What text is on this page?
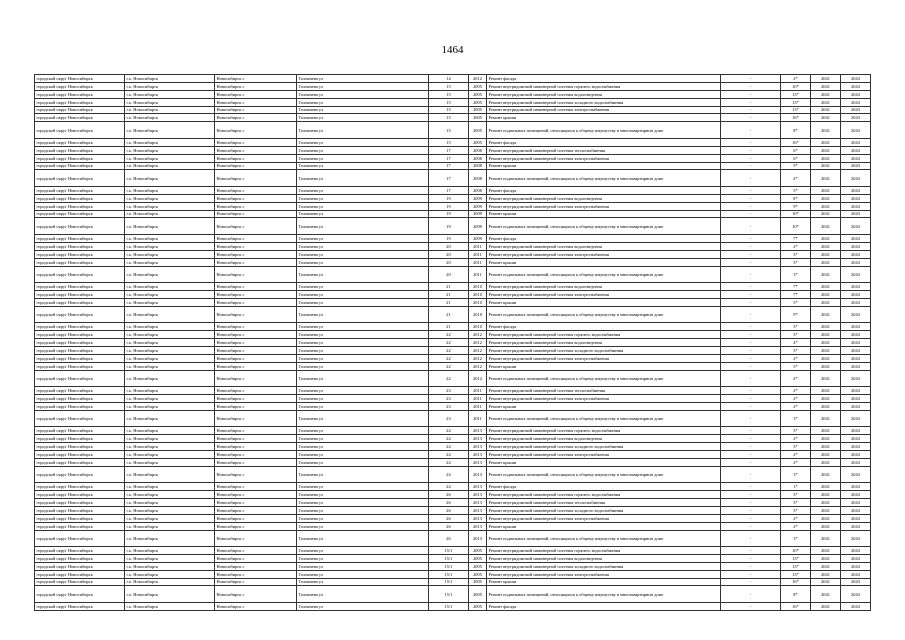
1464
городской округ Новосибирск	г.о. Новосибирск	Новосибирск г	Толмачева ул	14	2012	Ремонт фасада	-	2*	2041	2043
городской округ Новосибирск	г.о. Новосибирск	Новосибирск г	Толмачева ул	15	2005	Ремонт внутридомовой инженерной системы горячего водоснабжения	-	10*	2041	2043
городской округ Новосибирск	г.о. Новосибирск	Новосибирск г	Толмачева ул	15	2005	Ремонт внутридомовой инженерной системы водоотведения	-	13*	2041	2043
городской округ Новосибирск	г.о. Новосибирск	Новосибирск г	Толмачева ул	15	2005	Ремонт внутридомовой инженерной системы холодного водоснабжения	-	13*	2041	2043
городской округ Новосибирск	г.о. Новосибирск	Новосибирск г	Толмачева ул	15	2005	Ремонт внутридомовой инженерной системы электроснабжения	-	13*	2041	2043
городской округ Новосибирск	г.о. Новосибирск	Новосибирск г	Толмачева ул	15	2005	Ремонт крыши	-	16*	2041	2043
городской округ Новосибирск	г.о. Новосибирск	Новосибирск г	Толмачева ул	15	2005	Ремонт подвальных помещений, относящихся к общему имуществу в многоквартирном доме	-	8*	2041	2043
городской округ Новосибирск	г.о. Новосибирск	Новосибирск г	Толмачева ул	15	2005	Ремонт фасада	-	16*	2041	2043
городской округ Новосибирск	г.о. Новосибирск	Новосибирск г	Толмачева ул	17	2008	Ремонт внутридомовой инженерной системы теплоснабжения	-	6*	2041	2043
городской округ Новосибирск	г.о. Новосибирск	Новосибирск г	Толмачева ул	17	2008	Ремонт внутридомовой инженерной системы электроснабжения	-	6*	2041	2043
городской округ Новосибирск	г.о. Новосибирск	Новосибирск г	Толмачева ул	17	2008	Ремонт крыши	-	5*	2041	2043
городской округ Новосибирск	г.о. Новосибирск	Новосибирск г	Толмачева ул	17	2008	Ремонт подвальных помещений, относящихся к общему имуществу в многоквартирном доме	-	2*	2041	2043
городской округ Новосибирск	г.о. Новосибирск	Новосибирск г	Толмачева ул	17	2008	Ремонт фасада	-	5*	2041	2043
городской округ Новосибирск	г.о. Новосибирск	Новосибирск г	Толмачева ул	19	2009	Ремонт внутридомовой инженерной системы водоотведения	-	8*	2041	2043
городской округ Новосибирск	г.о. Новосибирск	Новосибирск г	Толмачева ул	19	2009	Ремонт внутридомовой инженерной системы электроснабжения	-	9*	2041	2043
городской округ Новосибирск	г.о. Новосибирск	Новосибирск г	Толмачева ул	19	2009	Ремонт крыши	-	10*	2041	2043
городской округ Новосибирск	г.о. Новосибирск	Новосибирск г	Толмачева ул	19	2009	Ремонт подвальных помещений, относящихся к общему имуществу в многоквартирном доме	-	10*	2041	2043
городской округ Новосибирск	г.о. Новосибирск	Новосибирск г	Толмачева ул	19	2009	Ремонт фасада	-	7*	2041	2043
городской округ Новосибирск	г.о. Новосибирск	Новосибирск г	Толмачева ул	20	2011	Ремонт внутридомовой инженерной системы водоотведения	-	2*	2041	2043
городской округ Новосибирск	г.о. Новосибирск	Новосибирск г	Толмачева ул	20	2011	Ремонт внутридомовой инженерной системы электроснабжения	-	3*	2041	2043
городской округ Новосибирск	г.о. Новосибирск	Новосибирск г	Толмачева ул	20	2011	Ремонт крыши	-	3*	2041	2043
городской округ Новосибирск	г.о. Новосибирск	Новосибирск г	Толмачева ул	20	2011	Ремонт подвальных помещений, относящихся к общему имуществу в многоквартирном доме	-	3*	2041	2043
городской округ Новосибирск	г.о. Новосибирск	Новосибирск г	Толмачева ул	21	2010	Ремонт внутридомовой инженерной системы водоотведения	-	7*	2041	2043
городской округ Новосибирск	г.о. Новосибирск	Новосибирск г	Толмачева ул	21	2010	Ремонт внутридомовой инженерной системы электроснабжения	-	7*	2041	2043
городской округ Новосибирск	г.о. Новосибирск	Новосибирск г	Толмачева ул	21	2010	Ремонт крыши	-	5*	2041	2043
городской округ Новосибирск	г.о. Новосибирск	Новосибирск г	Толмачева ул	21	2010	Ремонт подвальных помещений, относящихся к общему имуществу в многоквартирном доме	-	9*	2041	2043
городской округ Новосибирск	г.о. Новосибирск	Новосибирск г	Толмачева ул	21	2010	Ремонт фасада	-	3*	2041	2043
городской округ Новосибирск	г.о. Новосибирск	Новосибирск г	Толмачева ул	22	2012	Ремонт внутридомовой инженерной системы горячего водоснабжения	-	3*	2041	2043
городской округ Новосибирск	г.о. Новосибирск	Новосибирск г	Толмачева ул	22	2012	Ремонт внутридомовой инженерной системы водоотведения	-	4*	2041	2043
городской округ Новосибирск	г.о. Новосибирск	Новосибирск г	Толмачева ул	22	2012	Ремонт внутридомовой инженерной системы холодного водоснабжения	-	3*	2041	2043
городской округ Новосибирск	г.о. Новосибирск	Новосибирск г	Толмачева ул	22	2012	Ремонт внутридомовой инженерной системы электроснабжения	-	2*	2041	2043
городской округ Новосибирск	г.о. Новосибирск	Новосибирск г	Толмачева ул	22	2012	Ремонт крыши	-	5*	2041	2043
городской округ Новосибирск	г.о. Новосибирск	Новосибирск г	Толмачева ул	22	2012	Ремонт подвальных помещений, относящихся к общему имуществу в многоквартирном доме	-	2*	2041	2043
городской округ Новосибирск	г.о. Новосибирск	Новосибирск г	Толмачева ул	23	2011	Ремонт внутридомовой инженерной системы теплоснабжения	-	2*	2041	2043
городской округ Новосибирск	г.о. Новосибирск	Новосибирск г	Толмачева ул	23	2011	Ремонт внутридомовой инженерной системы электроснабжения	-	2*	2041	2043
городской округ Новосибирск	г.о. Новосибирск	Новосибирск г	Толмачева ул	23	2011	Ремонт крыши	-	2*	2041	2043
городской округ Новосибирск	г.о. Новосибирск	Новосибирск г	Толмачева ул	23	2011	Ремонт подвальных помещений, относящихся к общему имуществу в многоквартирном доме	-	3*	2041	2043
городской округ Новосибирск	г.о. Новосибирск	Новосибирск г	Толмачева ул	24	2013	Ремонт внутридомовой инженерной системы горячего водоснабжения	-	3*	2041	2043
городской округ Новосибирск	г.о. Новосибирск	Новосибирск г	Толмачева ул	24	2013	Ремонт внутридомовой инженерной системы водоотведения	-	2*	2041	2043
городской округ Новосибирск	г.о. Новосибирск	Новосибирск г	Толмачева ул	24	2013	Ремонт внутридомовой инженерной системы холодного водоснабжения	-	3*	2041	2043
городской округ Новосибирск	г.о. Новосибирск	Новосибирск г	Толмачева ул	24	2013	Ремонт внутридомовой инженерной системы электроснабжения	-	2*	2041	2043
городской округ Новосибирск	г.о. Новосибирск	Новосибирск г	Толмачева ул	24	2013	Ремонт крыши	-	2*	2041	2043
городской округ Новосибирск	г.о. Новосибирск	Новосибирск г	Толмачева ул	24	2013	Ремонт подвальных помещений, относящихся к общему имуществу в многоквартирном доме	-	3*	2041	2043
городской округ Новосибирск	г.о. Новосибирск	Новосибирск г	Толмачева ул	24	2013	Ремонт фасада	-	1*	2041	2043
городской округ Новосибирск	г.о. Новосибирск	Новосибирск г	Толмачева ул	26	2013	Ремонт внутридомовой инженерной системы горячего водоснабжения	-	3*	2041	2043
городской округ Новосибирск	г.о. Новосибирск	Новосибирск г	Толмачева ул	26	2013	Ремонт внутридомовой инженерной системы теплоснабжения	-	3*	2041	2043
городской округ Новосибирск	г.о. Новосибирск	Новосибирск г	Толмачева ул	26	2013	Ремонт внутридомовой инженерной системы холодного водоснабжения	-	3*	2041	2043
городской округ Новосибирск	г.о. Новосибирск	Новосибирск г	Толмачева ул	26	2013	Ремонт внутридомовой инженерной системы электроснабжения	-	2*	2041	2043
городской округ Новосибирск	г.о. Новосибирск	Новосибирск г	Толмачева ул	26	2013	Ремонт крыши	-	2*	2041	2043
городской округ Новосибирск	г.о. Новосибирск	Новосибирск г	Толмачева ул	26	2013	Ремонт подвальных помещений, относящихся к общему имуществу в многоквартирном доме	-	3*	2041	2043
городской округ Новосибирск	г.о. Новосибирск	Новосибирск г	Толмачева ул	15/1	2005	Ремонт внутридомовой инженерной системы горячего водоснабжения	-	10*	2041	2043
городской округ Новосибирск	г.о. Новосибирск	Новосибирск г	Толмачева ул	15/1	2005	Ремонт внутридомовой инженерной системы водоотведения	-	13*	2041	2043
городской округ Новосибирск	г.о. Новосибирск	Новосибирск г	Толмачева ул	15/1	2005	Ремонт внутридомовой инженерной системы холодного водоснабжения	-	13*	2041	2043
городской округ Новосибирск	г.о. Новосибирск	Новосибирск г	Толмачева ул	15/1	2005	Ремонт внутридомовой инженерной системы электроснабжения	-	13*	2041	2043
городской округ Новосибирск	г.о. Новосибирск	Новосибирск г	Толмачева ул	15/1	2005	Ремонт крыши	-	16*	2041	2043
городской округ Новосибирск	г.о. Новосибирск	Новосибирск г	Толмачева ул	15/1	2005	Ремонт подвальных помещений, относящихся к общему имуществу в многоквартирном доме	-	8*	2041	2043
городской округ Новосибирск	г.о. Новосибирск	Новосибирск г	Толмачева ул	15/1	2005	Ремонт фасада	-	16*	2041	2043
